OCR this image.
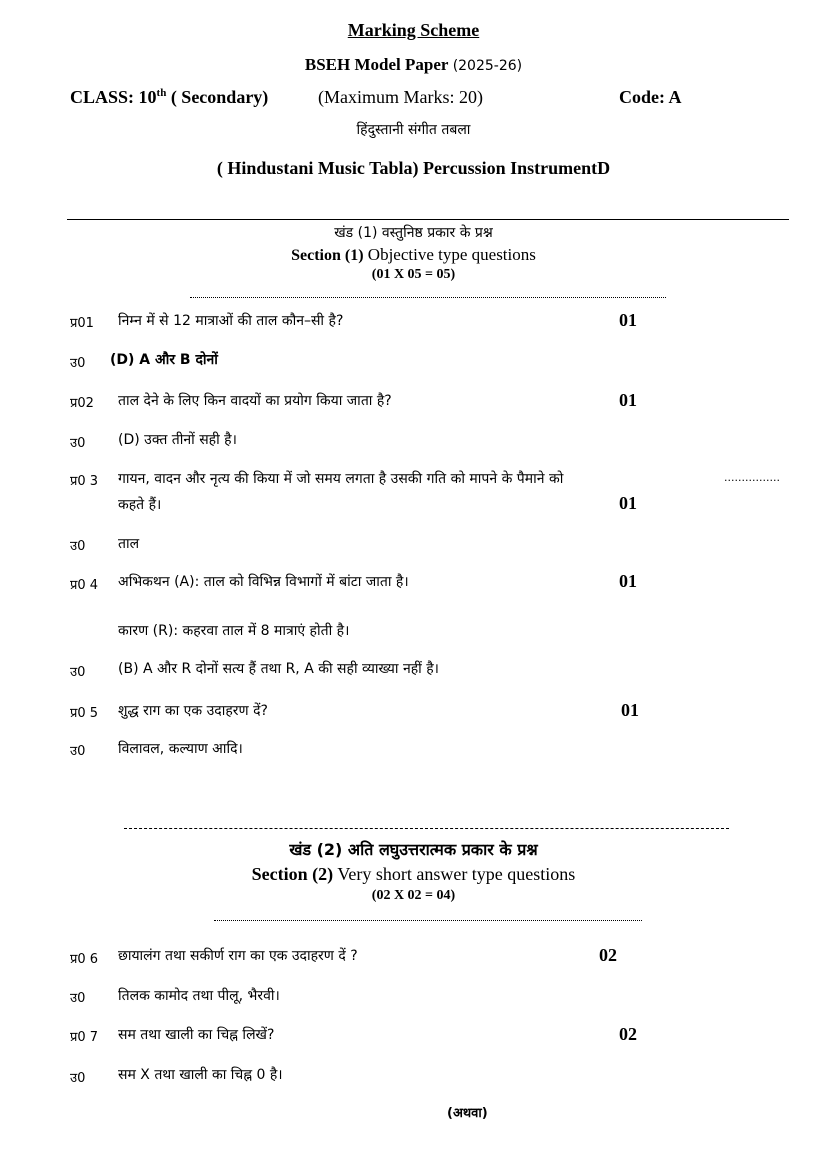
Marking Scheme
BSEH Model Paper (2025-26)
CLASS: 10th ( Secondary)	(Maximum Marks: 20)	Code: A
हिंदुस्तानी संगीत तबला
( Hindustani Music Tabla) Percussion InstrumentD
खंड (1) वस्तुनिष्ठ प्रकार के प्रश्न
Section (1) Objective type questions
(01 X 05 = 05)
प्र01 निम्न में से 12 मात्राओं की ताल कौन–सी है?	01
उ0 (D) A और B दोनों
प्र02 ताल देने के लिए किन वादयों का प्रयोग किया जाता है?	01
उ0 (D) उक्त तीनों सही है।
प्र0 3 गायन, वादन और नृत्य की किया में जो समय लगता है उसकी गति को मापने के पैमाने को	................
कहते हैं।	01
उ0 ताल
प्र0 4 अभिकथन (A): ताल को विभिन्न विभागों में बांटा जाता है।	01
कारण (R): कहरवा ताल में 8 मात्राएं होती है।
उ0 (B) A और R दोनों सत्य हैं तथा R, A की सही व्याख्या नहीं है।
प्र0 5 शुद्ध राग का एक उदाहरण दें?	01
उ0 विलावल, कल्याण आदि।
खंड (2) अति लघुउत्तरात्मक प्रकार के प्रश्न
Section (2) Very short answer type questions
(02 X 02 = 04)
प्र0 6 छायालंग तथा सकीर्ण राग का एक उदाहरण दें ?	02
उ0 तिलक कामोद तथा पीलू, भैरवी।
प्र0 7 सम तथा खाली का चिह्न लिखें?	02
उ0 सम X तथा खाली का चिह्न 0 है।
(अथवा)
